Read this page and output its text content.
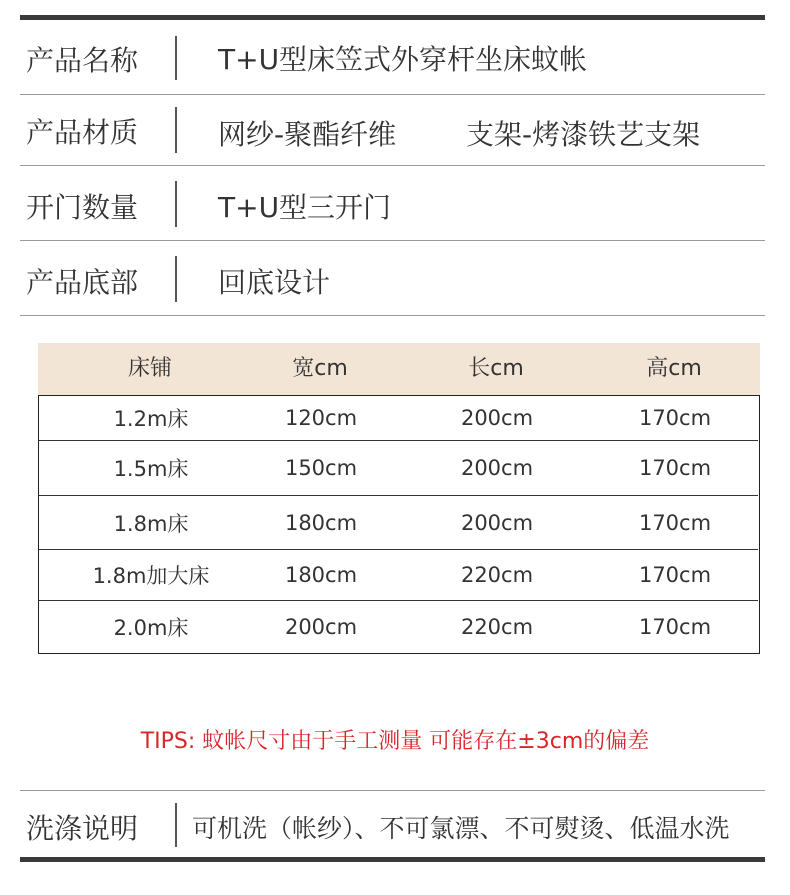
产品名称	T+U型床笠式外穿杆坐床蚊帐
产品材质	网纱-聚酯纤维 支架-烤漆铁艺支架
开门数量	T+U型三开门
产品底部	回底设计
床铺	宽cm	长cm	高cm
1.2m床	120cm	200cm	170cm
1.5m床	150cm	200cm	170cm
1.8m床	180cm	200cm	170cm
1.8m加大床	180cm	220cm	170cm
2.0m床	200cm	220cm	170cm
TIPS: 蚊帐尺寸由于手工测量 可能存在±3cm的偏差
洗涤说明 可机洗（帐纱）、不可氯漂、不可熨烫、低温水洗
